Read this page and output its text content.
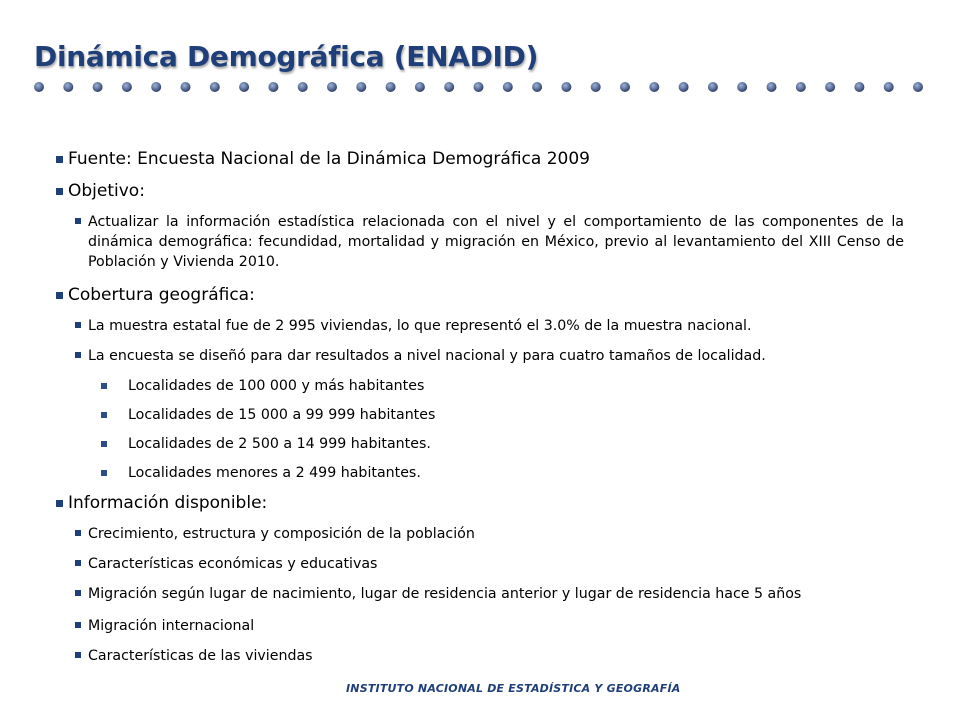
Dinámica Demográfica (ENADID)

Fuente: Encuesta Nacional de la Dinámica Demográfica 2009

Objetivo:

Actualizar la información estadística relacionada con el nivel y el comportamiento de las componentes de la dinámica demográfica: fecundidad, mortalidad y migración en México, previo al levantamiento del XIII Censo de Población y Vivienda 2010.

Cobertura geográfica:

La muestra estatal fue de 2 995 viviendas, lo que representó el 3.0% de la muestra nacional.

La encuesta se diseñó para dar resultados a nivel nacional y para cuatro tamaños de localidad.

Localidades de 100 000 y más habitantes

Localidades de 15 000 a 99 999 habitantes

Localidades de 2 500 a 14 999 habitantes.

Localidades menores a 2 499 habitantes.

Información disponible:

Crecimiento, estructura y composición de la población

Características económicas y educativas

Migración según lugar de nacimiento, lugar de residencia anterior y lugar de residencia hace 5 años

Migración internacional

Características de las viviendas

INSTITUTO NACIONAL DE ESTADÍSTICA Y GEOGRAFÍA
